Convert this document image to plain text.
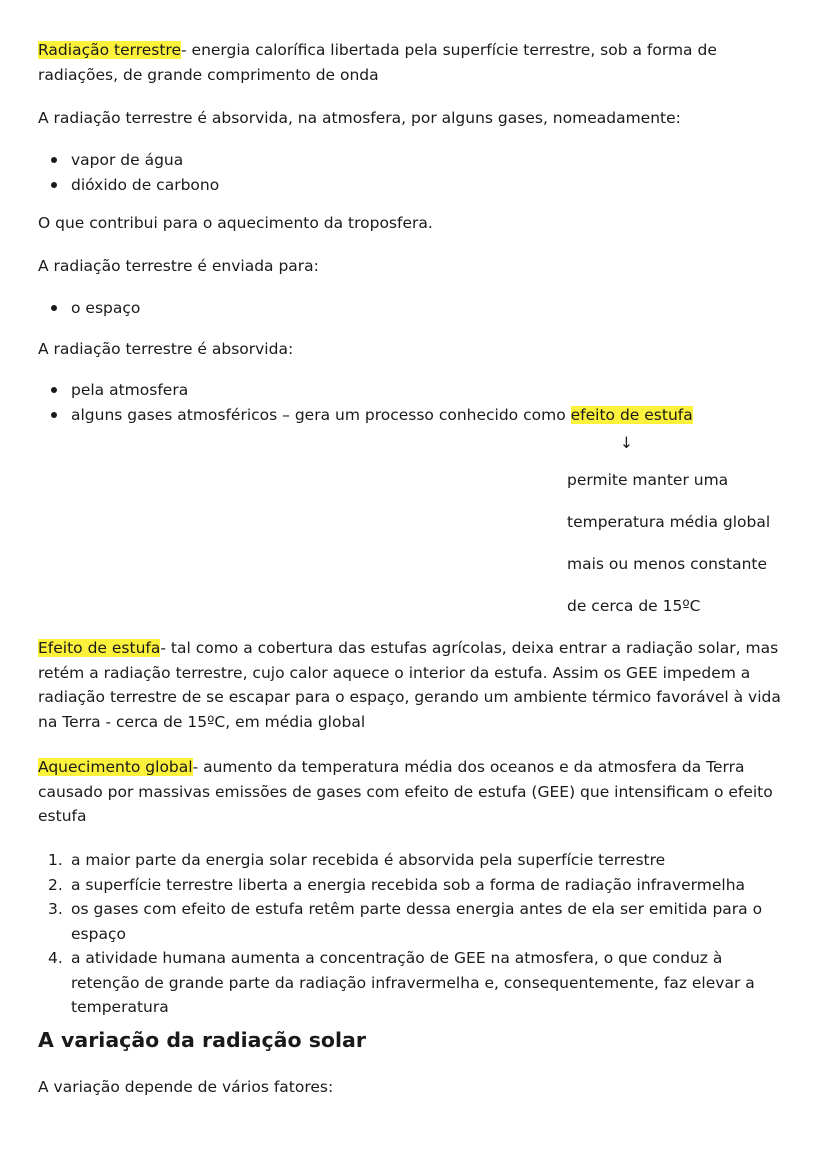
Radiação terrestre- energia calorífica libertada pela superfície terrestre, sob a forma de radiações, de grande comprimento de onda

A radiação terrestre é absorvida, na atmosfera, por alguns gases, nomeadamente:

vapor de água
dióxido de carbono

O que contribui para o aquecimento da troposfera.

A radiação terrestre é enviada para:

o espaço

A radiação terrestre é absorvida:

pela atmosfera
alguns gases atmosféricos – gera um processo conhecido como efeito de estufa
↓
permite manter uma
temperatura média global
mais ou menos constante
de cerca de 15ºC

Efeito de estufa- tal como a cobertura das estufas agrícolas, deixa entrar a radiação solar, mas retém a radiação terrestre, cujo calor aquece o interior da estufa. Assim os GEE impedem a radiação terrestre de se escapar para o espaço, gerando um ambiente térmico favorável à vida na Terra - cerca de 15ºC, em média global

Aquecimento global- aumento da temperatura média dos oceanos e da atmosfera da Terra causado por massivas emissões de gases com efeito de estufa (GEE) que intensificam o efeito estufa

1. a maior parte da energia solar recebida é absorvida pela superfície terrestre
2. a superfície terrestre liberta a energia recebida sob a forma de radiação infravermelha
3. os gases com efeito de estufa retêm parte dessa energia antes de ela ser emitida para o espaço
4. a atividade humana aumenta a concentração de GEE na atmosfera, o que conduz à retenção de grande parte da radiação infravermelha e, consequentemente, faz elevar a temperatura
A variação da radiação solar

A variação depende de vários fatores:
